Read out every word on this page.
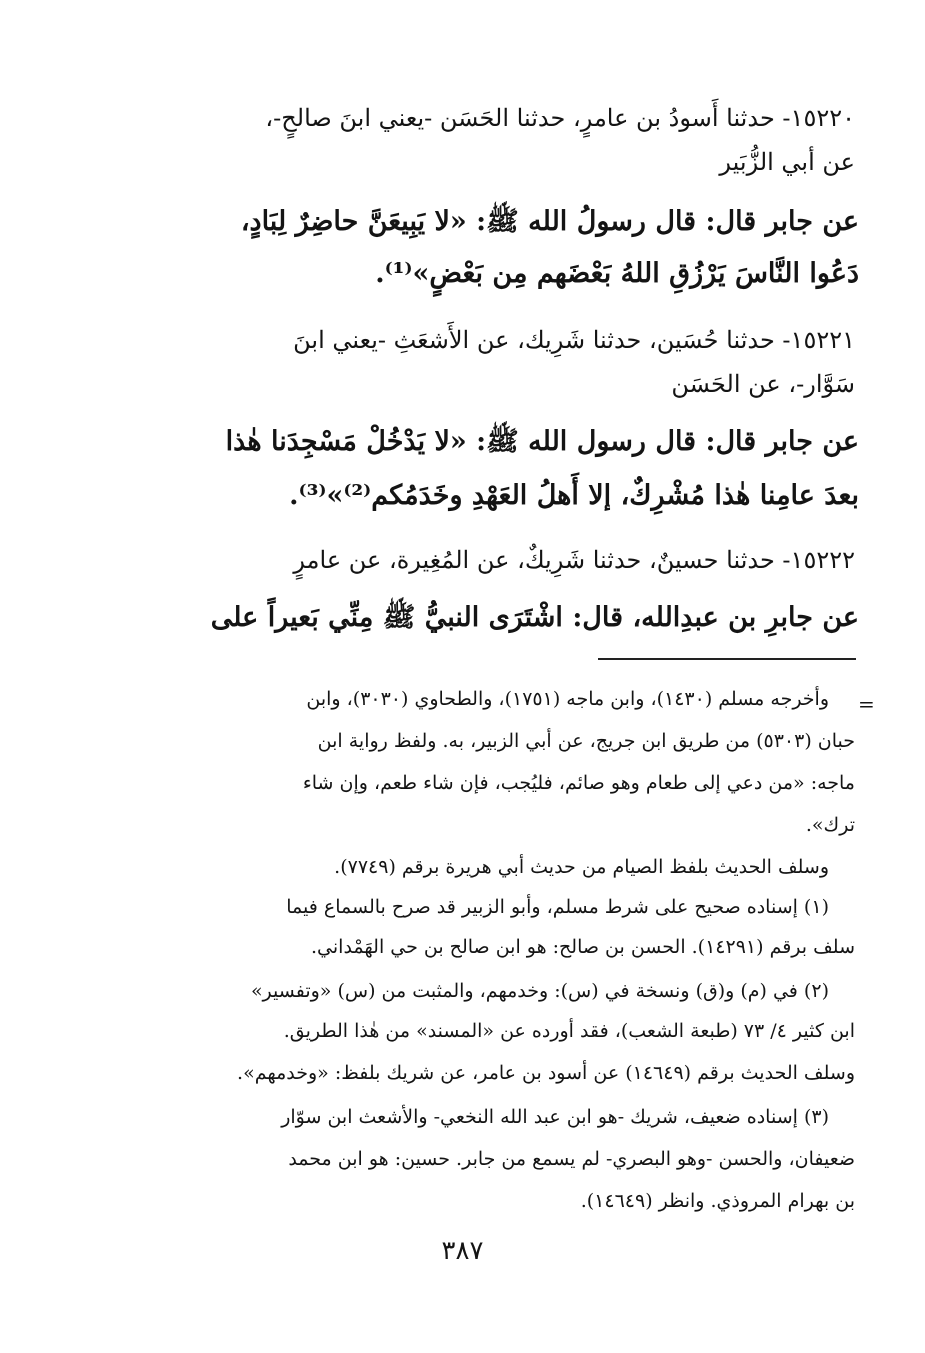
١٥٢٢٠- حدثنا أَسودُ بن عامرٍ، حدثنا الحَسَن -يعني ابنَ صالحٍ-،
عن أبي الزُّبَير
عن جابر قال: قال رسولُ الله ﷺ: «لا يَبِيعَنَّ حاضِرٌ لِبَادٍ،
دَعُوا النَّاسَ يَرْزُقِ اللهُ بَعْضَهم مِن بَعْضٍ»⁽¹⁾.
١٥٢٢١- حدثنا حُسَين، حدثنا شَرِيك، عن الأَشعَثِ -يعني ابنَ
سَوَّار-، عن الحَسَن
عن جابر قال: قال رسول الله ﷺ: «لا يَدْخُلْ مَسْجِدَنا هٰذا
بعدَ عامِنا هٰذا مُشْرِكٌ، إلا أَهلُ العَهْدِ وخَدَمُكم⁽²⁾»⁽³⁾.
١٥٢٢٢- حدثنا حسينٌ، حدثنا شَرِيكٌ، عن المُغِيرة، عن عامرٍ
عن جابرِ بن عبدِالله، قال: اشْتَرَى النبيُّ ﷺ مِنِّي بَعيراً على
=
وأخرجه مسلم (١٤٣٠)، وابن ماجه (١٧٥١)، والطحاوي (٣٠٣٠)، وابن
حبان (٥٣٠٣) من طريق ابن جريج، عن أبي الزبير، به. ولفظ رواية ابن
ماجه: «من دعي إلى طعام وهو صائم، فليُجب، فإن شاء طعم، وإن شاء
ترك».
وسلف الحديث بلفظ الصيام من حديث أبي هريرة برقم (٧٧٤٩).
(١) إسناده صحيح على شرط مسلم، وأبو الزبير قد صرح بالسماع فيما
سلف برقم (١٤٢٩١). الحسن بن صالح: هو ابن صالح بن حي الهَمْداني.
(٢) في (م) و(ق) ونسخة في (س): وخدمهم، والمثبت من (س) «وتفسير»
ابن كثير ٤/ ٧٣ (طبعة الشعب)، فقد أورده عن «المسند» من هٰذا الطريق.
وسلف الحديث برقم (١٤٦٤٩) عن أسود بن عامر، عن شريك بلفظ: «وخدمهم».
(٣) إسناده ضعيف، شريك -هو ابن عبد الله النخعي- والأشعث ابن سوّار
ضعيفان، والحسن -وهو البصري- لم يسمع من جابر. حسين: هو ابن محمد
بن بهرام المروذي. وانظر (١٤٦٤٩).
٣٨٧
